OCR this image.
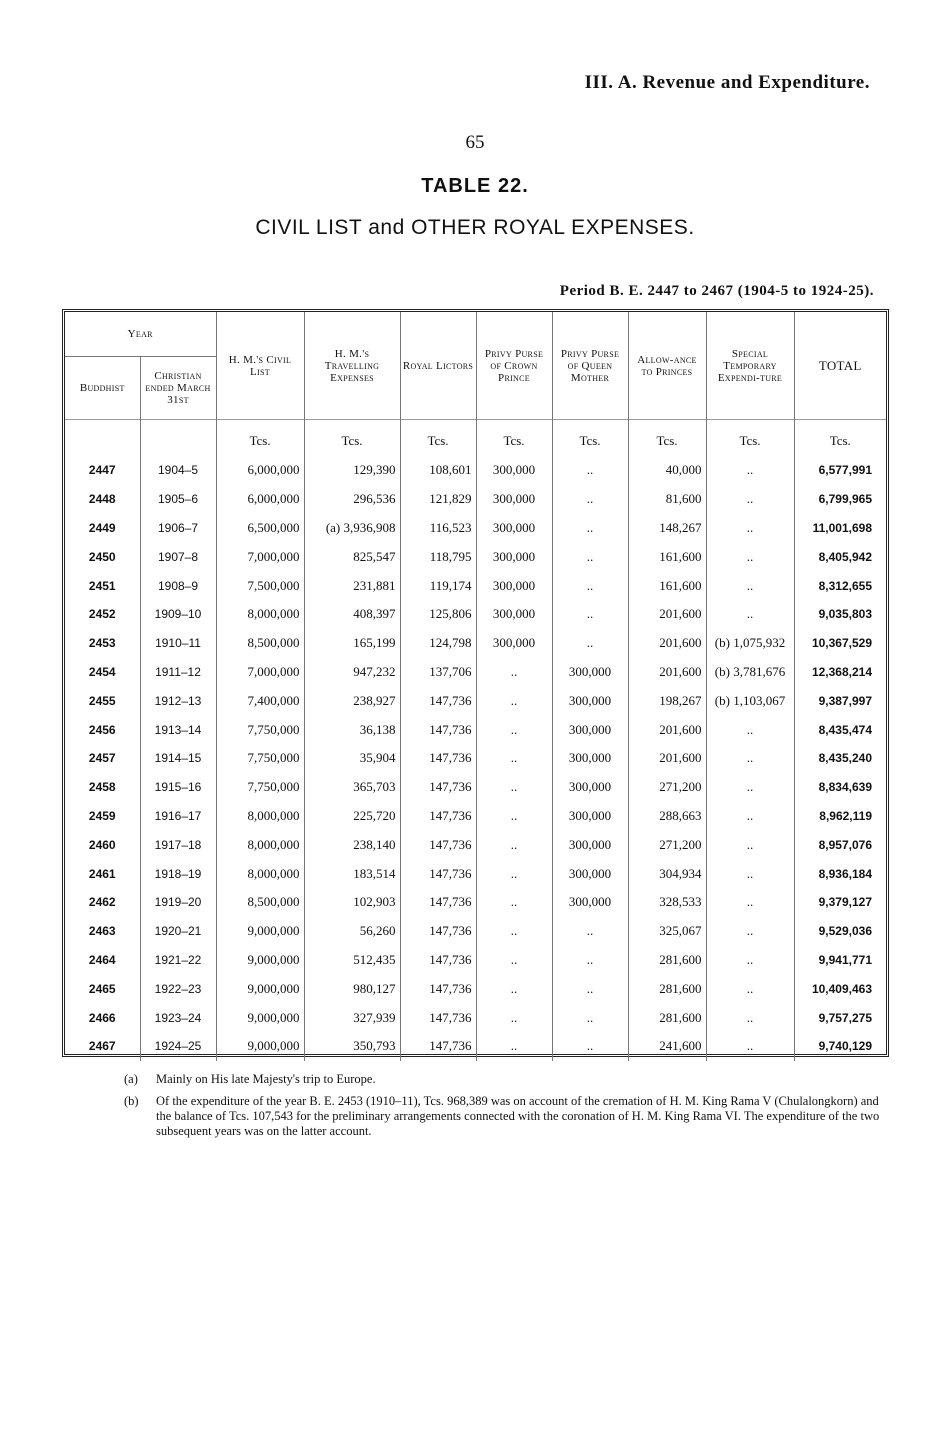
III. A. Revenue and Expenditure.
65
TABLE 22.
CIVIL LIST and OTHER ROYAL EXPENSES.
Period B. E. 2447 to 2467 (1904-5 to 1924-25).
Year		H. M.'s Civil List	H. M.'s Travelling Expenses	Royal Lictors	Privy Purse of Crown Prince	Privy Purse of Queen Mother	Allow-ance to Princes	Special Temporary Expendi-ture	TOTAL
Buddhist	Christian ended March 31st								
		Tcs.	Tcs.	Tcs.	Tcs.	Tcs.	Tcs.	Tcs.	Tcs.
2447	1904–5	6,000,000	129,390	108,601	300,000	..	40,000	..	6,577,991
2448	1905–6	6,000,000	296,536	121,829	300,000	..	81,600	..	6,799,965
2449	1906–7	6,500,000	(a) 3,936,908	116,523	300,000	..	148,267	..	11,001,698
2450	1907–8	7,000,000	825,547	118,795	300,000	..	161,600	..	8,405,942
2451	1908–9	7,500,000	231,881	119,174	300,000	..	161,600	..	8,312,655
2452	1909–10	8,000,000	408,397	125,806	300,000	..	201,600	..	9,035,803
2453	1910–11	8,500,000	165,199	124,798	300,000	..	201,600	(b) 1,075,932	10,367,529
2454	1911–12	7,000,000	947,232	137,706	..	300,000	201,600	(b) 3,781,676	12,368,214
2455	1912–13	7,400,000	238,927	147,736	..	300,000	198,267	(b) 1,103,067	9,387,997
2456	1913–14	7,750,000	36,138	147,736	..	300,000	201,600	..	8,435,474
2457	1914–15	7,750,000	35,904	147,736	..	300,000	201,600	..	8,435,240
2458	1915–16	7,750,000	365,703	147,736	..	300,000	271,200	..	8,834,639
2459	1916–17	8,000,000	225,720	147,736	..	300,000	288,663	..	8,962,119
2460	1917–18	8,000,000	238,140	147,736	..	300,000	271,200	..	8,957,076
2461	1918–19	8,000,000	183,514	147,736	..	300,000	304,934	..	8,936,184
2462	1919–20	8,500,000	102,903	147,736	..	300,000	328,533	..	9,379,127
2463	1920–21	9,000,000	56,260	147,736	..	..	325,067	..	9,529,036
2464	1921–22	9,000,000	512,435	147,736	..	..	281,600	..	9,941,771
2465	1922–23	9,000,000	980,127	147,736	..	..	281,600	..	10,409,463
2466	1923–24	9,000,000	327,939	147,736	..	..	281,600	..	9,757,275
2467	1924–25	9,000,000	350,793	147,736	..	..	241,600	..	9,740,129
(a)	Mainly on His late Majesty's trip to Europe.
(b)	Of the expenditure of the year B. E. 2453 (1910–11), Tcs. 968,389 was on account of the cremation of H. M. King Rama V (Chulalongkorn) and the balance of Tcs. 107,543 for the preliminary arrangements connected with the coronation of H. M. King Rama VI. The expenditure of the two subsequent years was on the latter account.
